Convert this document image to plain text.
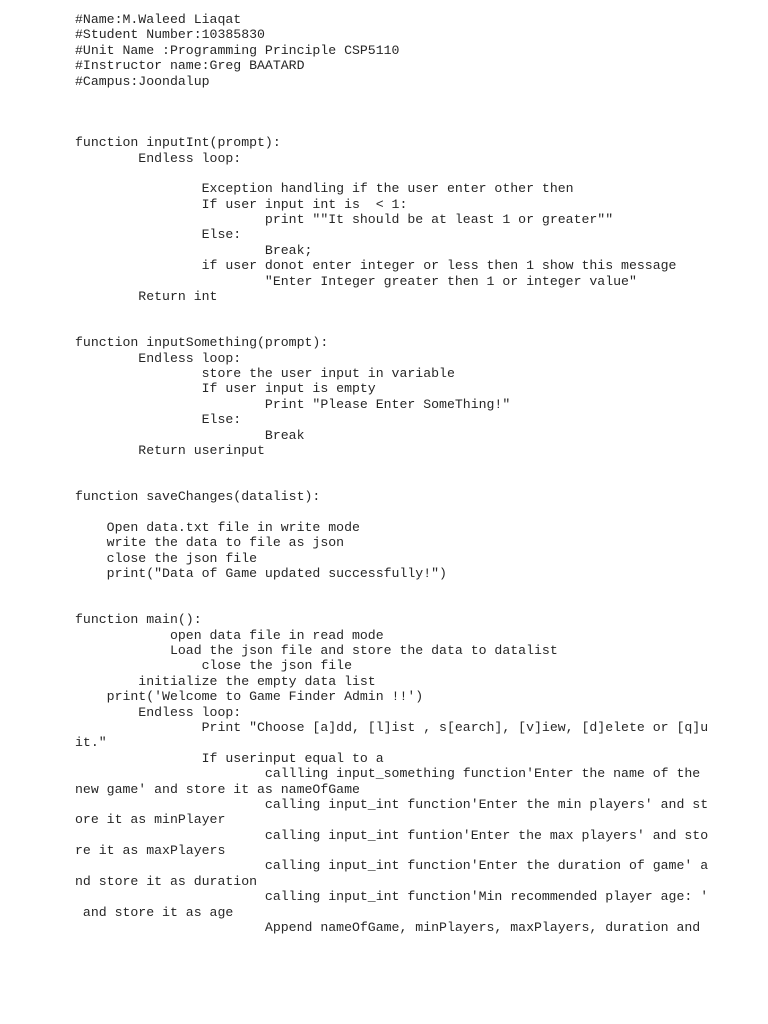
#Name:M.Waleed Liaqat
#Student Number:10385830
#Unit Name :Programming Principle CSP5110
#Instructor name:Greg BAATARD
#Campus:Joondalup
function inputInt(prompt):
Endless loop:
Exception handling if the user enter other then
If user input int is  < 1:
print ""It should be at least 1 or greater""
Else:
Break;
if user donot enter integer or less then 1 show this message
"Enter Integer greater then 1 or integer value"
Return int
function inputSomething(prompt):
Endless loop:
store the user input in variable
If user input is empty
Print "Please Enter SomeThing!"
Else:
Break
Return userinput
function saveChanges(datalist):
Open data.txt file in write mode
write the data to file as json
close the json file
print("Data of Game updated successfully!")
function main():
open data file in read mode
Load the json file and store the data to datalist
close the json file
initialize the empty data list
print('Welcome to Game Finder Admin !!')
Endless loop:
Print "Choose [a]dd, [l]ist , s[earch], [v]iew, [d]elete or [q]u
it."
If userinput equal to a
callling input_something function'Enter the name of the
new game' and store it as nameOfGame
calling input_int function'Enter the min players' and st
ore it as minPlayer
calling input_int funtion'Enter the max players' and sto
re it as maxPlayers
calling input_int function'Enter the duration of game' a
nd store it as duration
calling input_int function'Min recommended player age: '
and store it as age
Append nameOfGame, minPlayers, maxPlayers, duration and
